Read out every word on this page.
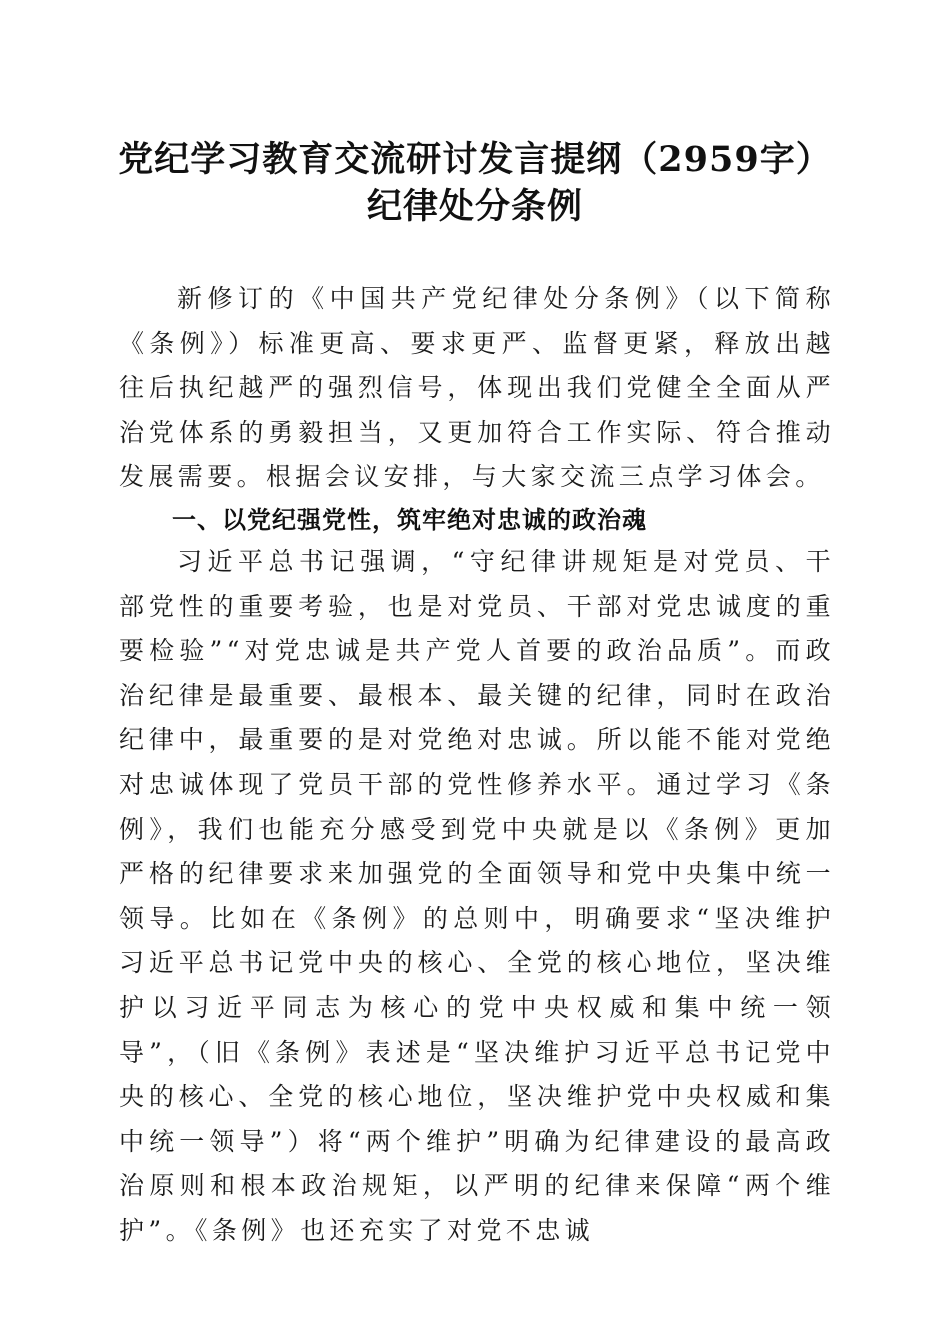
党纪学习教育交流研讨发言提纲（2959字）
纪律处分条例

新修订的《中国共产党纪律处分条例》（以下简称《条例》）标准更高、要求更严、监督更紧，释放出越往后执纪越严的强烈信号，体现出我们党健全全面从严治党体系的勇毅担当，又更加符合工作实际、符合推动发展需要。根据会议安排，与大家交流三点学习体会。

一、以党纪强党性，筑牢绝对忠诚的政治魂

习近平总书记强调，“守纪律讲规矩是对党员、干部党性的重要考验，也是对党员、干部对党忠诚度的重要检验”“对党忠诚是共产党人首要的政治品质”。而政治纪律是最重要、最根本、最关键的纪律，同时在政治纪律中，最重要的是对党绝对忠诚。所以能不能对党绝对忠诚体现了党员干部的党性修养水平。通过学习《条例》，我们也能充分感受到党中央就是以《条例》更加严格的纪律要求来加强党的全面领导和党中央集中统一领导。比如在《条例》的总则中，明确要求“坚决维护习近平总书记党中央的核心、全党的核心地位，坚决维护以习近平同志为核心的党中央权威和集中统一领导”，（旧《条例》表述是“坚决维护习近平总书记党中央的核心、全党的核心地位，坚决维护党中央权威和集中统一领导”）将“两个维护”明确为纪律建设的最高政治原则和根本政治规矩，以严明的纪律来保障“两个维护”。《条例》也还充实了对党不忠诚
